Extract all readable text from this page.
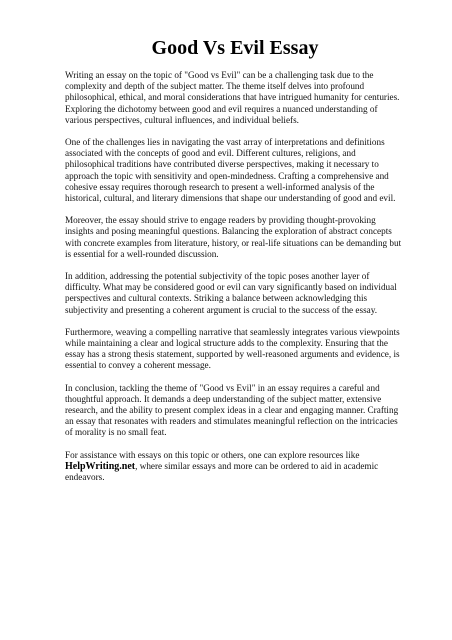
Good Vs Evil Essay

Writing an essay on the topic of "Good vs Evil" can be a challenging task due to the complexity and depth of the subject matter. The theme itself delves into profound philosophical, ethical, and moral considerations that have intrigued humanity for centuries. Exploring the dichotomy between good and evil requires a nuanced understanding of various perspectives, cultural influences, and individual beliefs.

One of the challenges lies in navigating the vast array of interpretations and definitions associated with the concepts of good and evil. Different cultures, religions, and philosophical traditions have contributed diverse perspectives, making it necessary to approach the topic with sensitivity and open-mindedness. Crafting a comprehensive and cohesive essay requires thorough research to present a well-informed analysis of the historical, cultural, and literary dimensions that shape our understanding of good and evil.

Moreover, the essay should strive to engage readers by providing thought-provoking insights and posing meaningful questions. Balancing the exploration of abstract concepts with concrete examples from literature, history, or real-life situations can be demanding but is essential for a well-rounded discussion.

In addition, addressing the potential subjectivity of the topic poses another layer of difficulty. What may be considered good or evil can vary significantly based on individual perspectives and cultural contexts. Striking a balance between acknowledging this subjectivity and presenting a coherent argument is crucial to the success of the essay.

Furthermore, weaving a compelling narrative that seamlessly integrates various viewpoints while maintaining a clear and logical structure adds to the complexity. Ensuring that the essay has a strong thesis statement, supported by well-reasoned arguments and evidence, is essential to convey a coherent message.

In conclusion, tackling the theme of "Good vs Evil" in an essay requires a careful and thoughtful approach. It demands a deep understanding of the subject matter, extensive research, and the ability to present complex ideas in a clear and engaging manner. Crafting an essay that resonates with readers and stimulates meaningful reflection on the intricacies of morality is no small feat.

For assistance with essays on this topic or others, one can explore resources like HelpWriting.net, where similar essays and more can be ordered to aid in academic endeavors.
